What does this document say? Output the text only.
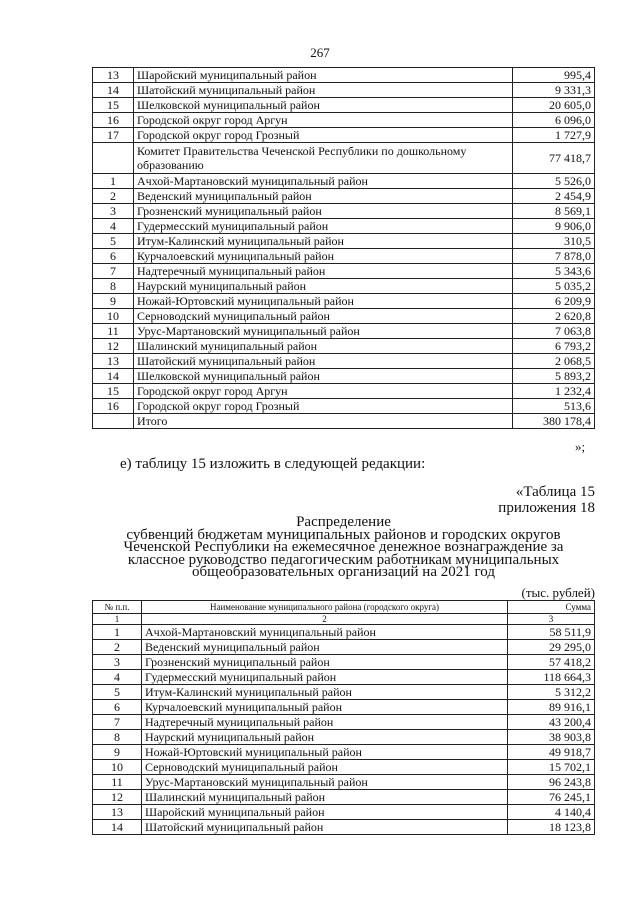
267
13	Шаройский муниципальный район	995,4
14	Шатойский муниципальный район	9 331,3
15	Шелковской муниципальный район	20 605,0
16	Городской округ город Аргун	6 096,0
17	Городской округ город Грозный	1 727,9
	Комитет Правительства Чеченской Республики по дошкольному образованию	77 418,7
1	Ачхой-Мартановский муниципальный район	5 526,0
2	Веденский муниципальный район	2 454,9
3	Грозненский муниципальный район	8 569,1
4	Гудермесский муниципальный район	9 906,0
5	Итум-Калинский муниципальный район	310,5
6	Курчалоевский муниципальный район	7 878,0
7	Надтеречный муниципальный район	5 343,6
8	Наурский муниципальный район	5 035,2
9	Ножай-Юртовский муниципальный район	6 209,9
10	Серноводский муниципальный район	2 620,8
11	Урус-Мартановский муниципальный район	7 063,8
12	Шалинский муниципальный район	6 793,2
13	Шатойский муниципальный район	2 068,5
14	Шелковской муниципальный район	5 893,2
15	Городской округ город Аргун	1 232,4
16	Городской округ город Грозный	513,6
	Итого	380 178,4
»;
е) таблицу 15 изложить в следующей редакции:
«Таблица 15
приложения 18
Распределение
субвенций бюджетам муниципальных районов и городских округов
Чеченской Республики на ежемесячное денежное вознаграждение за
классное руководство педагогическим работникам муниципальных
общеобразовательных организаций на 2021 год
(тыс. рублей)
№ п.п.	Наименование муниципального района (городского округа)	Сумма
1	2	3
1	Ачхой-Мартановский муниципальный район	58 511,9
2	Веденский муниципальный район	29 295,0
3	Грозненский муниципальный район	57 418,2
4	Гудермесский муниципальный район	118 664,3
5	Итум-Калинский муниципальный район	5 312,2
6	Курчалоевский муниципальный район	89 916,1
7	Надтеречный муниципальный район	43 200,4
8	Наурский муниципальный район	38 903,8
9	Ножай-Юртовский муниципальный район	49 918,7
10	Серноводский муниципальный район	15 702,1
11	Урус-Мартановский муниципальный район	96 243,8
12	Шалинский муниципальный район	76 245,1
13	Шаройский муниципальный район	4 140,4
14	Шатойский муниципальный район	18 123,8
